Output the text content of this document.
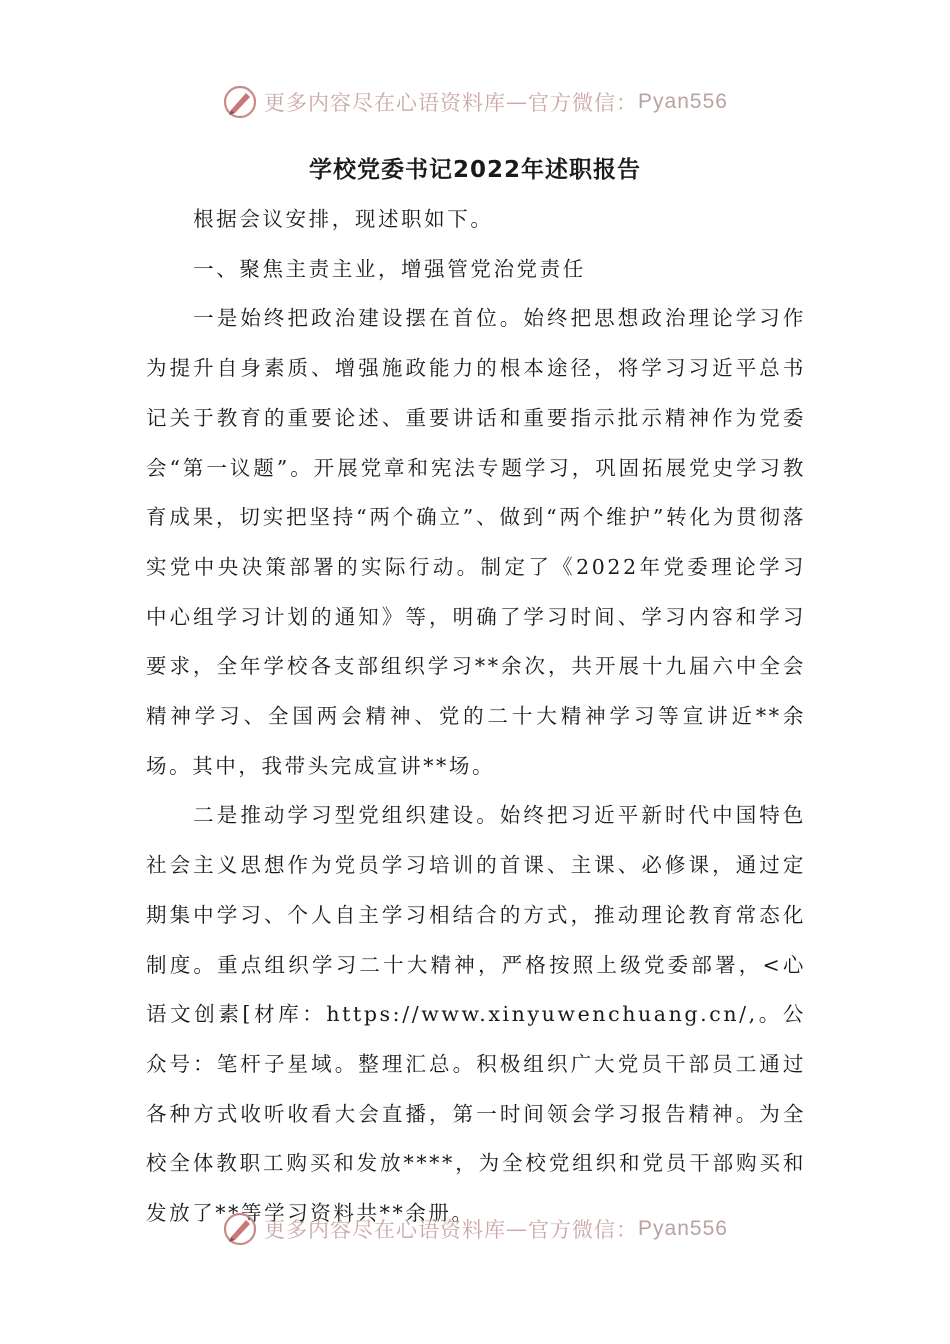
更多内容尽在心语资料库 — 官方微信： Pyan556
学校党委书记2022年述职报告

根据会议安排，现述职如下。

一、聚焦主责主业，增强管党治党责任

一是始终把政治建设摆在首位。始终把思想政治理论学习作为提升自身素质、增强施政能力的根本途径，将学习习近平总书记关于教育的重要论述、重要讲话和重要指示批示精神作为党委会“第一议题”。开展党章和宪法专题学习，巩固拓展党史学习教育成果，切实把坚持“两个确立”、做到“两个维护”转化为贯彻落实党中央决策部署的实际行动。制定了《2022年党委理论学习中心组学习计划的通知》等，明确了学习时间、学习内容和学习要求，全年学校各支部组织学习**余次，共开展十九届六中全会精神学习、全国两会精神、党的二十大精神学习等宣讲近**余场。其中，我带头完成宣讲**场。

二是推动学习型党组织建设。始终把习近平新时代中国特色社会主义思想作为党员学习培训的首课、主课、必修课，通过定期集中学习、个人自主学习相结合的方式，推动理论教育常态化制度。重点组织学习二十大精神，严格按照上级党委部署，<心语文创素[材库：https://www.xinyuwenchuang.cn/,。公众号：笔杆子星域。整理汇总。积极组织广大党员干部员工通过各种方式收听收看大会直播，第一时间领会学习报告精神。为全校全体教职工购买和发放****，为全校党组织和党员干部购买和发放了**等学习资料共**余册。

更多内容尽在心语资料库 — 官方微信： Pyan556
